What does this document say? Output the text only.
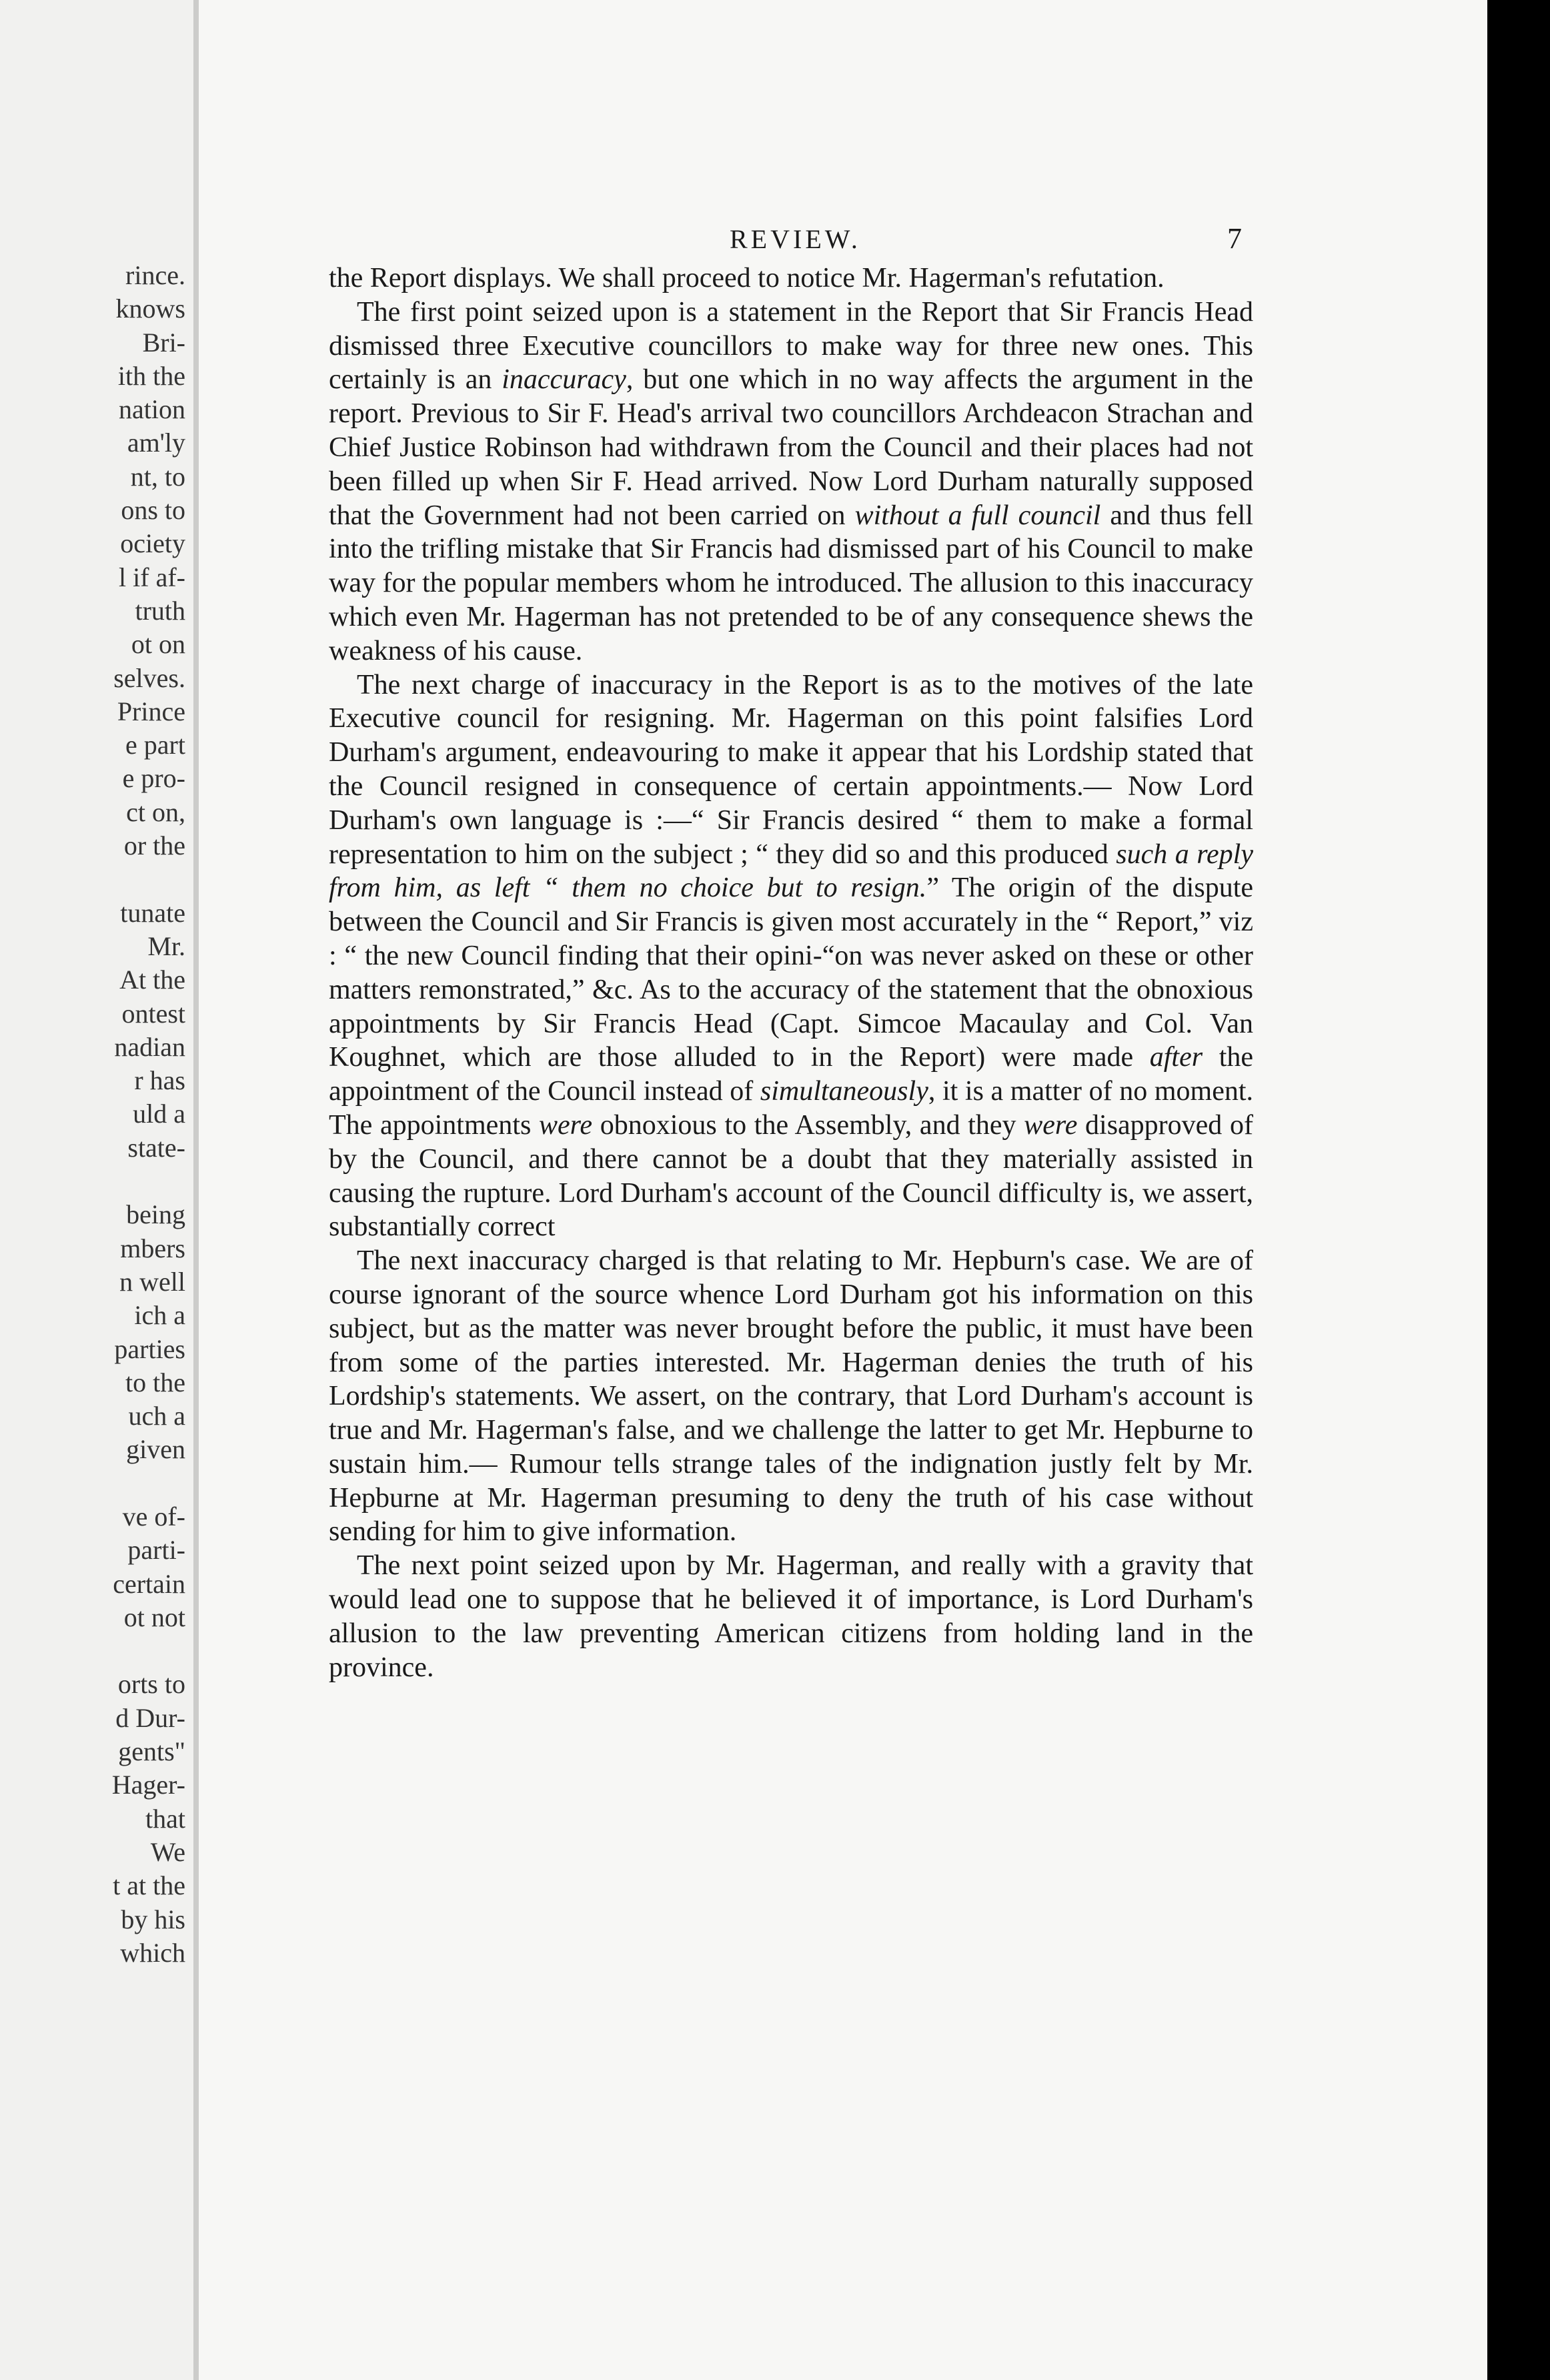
rince.
knows
Bri-
ith the
nation
am'ly
nt, to
ons to
ociety
l if af-
truth
ot on
selves.
Prince
e part
e pro-
ct on,
or the

tunate
Mr.
At the
ontest
nadian
r has
uld a
state-

being
mbers
n well
ich a
parties
to the
uch a
given

ve of-
parti-
certain
ot not

orts to
d Dur-
gents"
Hager-
that
We
t at the
by his
which
REVIEW.	7

the Report displays. We shall proceed to notice Mr. Hagerman's refutation.

The first point seized upon is a statement in the Report that Sir Francis Head dismissed three Executive councillors to make way for three new ones. This certainly is an inaccuracy, but one which in no way affects the argument in the report. Previous to Sir F. Head's arrival two councillors Archdeacon Strachan and Chief Justice Robinson had withdrawn from the Council and their places had not been filled up when Sir F. Head arrived. Now Lord Durham naturally supposed that the Government had not been carried on without a full council and thus fell into the trifling mistake that Sir Francis had dismissed part of his Council to make way for the popular members whom he introduced. The allusion to this inaccuracy which even Mr. Hagerman has not pretended to be of any consequence shews the weakness of his cause.

The next charge of inaccuracy in the Report is as to the motives of the late Executive council for resigning. Mr. Hagerman on this point falsifies Lord Durham's argument, endeavouring to make it appear that his Lordship stated that the Council resigned in consequence of certain appointments.— Now Lord Durham's own language is :—“ Sir Francis desired “ them to make a formal representation to him on the subject ; “ they did so and this produced such a reply from him, as left “ them no choice but to resign.” The origin of the dispute between the Council and Sir Francis is given most accurately in the “ Report,” viz : “ the new Council finding that their opini-“on was never asked on these or other matters remonstrated,” &c. As to the accuracy of the statement that the obnoxious appointments by Sir Francis Head (Capt. Simcoe Macaulay and Col. Van Koughnet, which are those alluded to in the Report) were made after the appointment of the Council instead of simultaneously, it is a matter of no moment. The appointments were obnoxious to the Assembly, and they were disapproved of by the Council, and there cannot be a doubt that they materially assisted in causing the rupture. Lord Durham's account of the Council difficulty is, we assert, substantially correct

The next inaccuracy charged is that relating to Mr. Hepburn's case. We are of course ignorant of the source whence Lord Durham got his information on this subject, but as the matter was never brought before the public, it must have been from some of the parties interested. Mr. Hagerman denies the truth of his Lordship's statements. We assert, on the contrary, that Lord Durham's account is true and Mr. Hagerman's false, and we challenge the latter to get Mr. Hepburne to sustain him.— Rumour tells strange tales of the indignation justly felt by Mr. Hepburne at Mr. Hagerman presuming to deny the truth of his case without sending for him to give information.

The next point seized upon by Mr. Hagerman, and really with a gravity that would lead one to suppose that he believed it of importance, is Lord Durham's allusion to the law preventing American citizens from holding land in the province.
